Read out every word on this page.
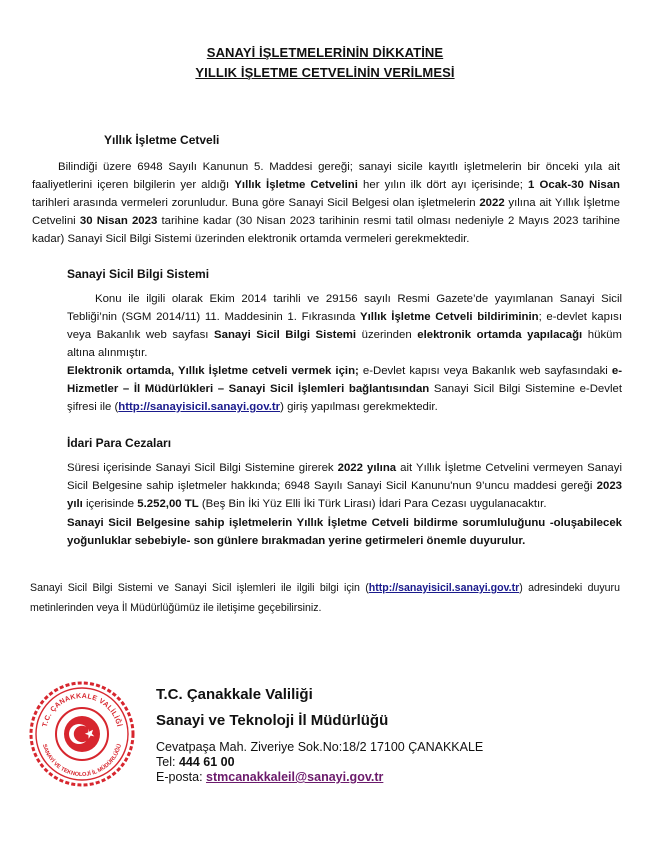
SANAYİ İŞLETMELERİNİN DİKKATİNE
YILLIK İŞLETME CETVELİNİN VERİLMESİ
Yıllık İşletme Cetveli
Bilindiği üzere 6948 Sayılı Kanunun 5. Maddesi gereği; sanayi sicile kayıtlı işletmelerin bir önceki yıla ait faaliyetlerini içeren bilgilerin yer aldığı Yıllık İşletme Cetvelini her yılın ilk dört ayı içerisinde; 1 Ocak-30 Nisan tarihleri arasında vermeleri zorunludur. Buna göre Sanayi Sicil Belgesi olan işletmelerin 2022 yılına ait Yıllık İşletme Cetvelini 30 Nisan 2023 tarihine kadar (30 Nisan 2023 tarihinin resmi tatil olması nedeniyle 2 Mayıs 2023 tarihine kadar) Sanayi Sicil Bilgi Sistemi üzerinden elektronik ortamda vermeleri gerekmektedir.
Sanayi Sicil Bilgi Sistemi
Konu ile ilgili olarak Ekim 2014 tarihli ve 29156 sayılı Resmi Gazete’de yayımlanan Sanayi Sicil Tebliği’nin (SGM 2014/11) 11. Maddesinin 1. Fıkrasında Yıllık İşletme Cetveli bildiriminin; e-devlet kapısı veya Bakanlık web sayfası Sanayi Sicil Bilgi Sistemi üzerinden elektronik ortamda yapılacağı hüküm altına alınmıştır.
Elektronik ortamda, Yıllık İşletme cetveli vermek için; e-Devlet kapısı veya Bakanlık web sayfasındaki e-Hizmetler – İl Müdürlükleri – Sanayi Sicil İşlemleri bağlantısından Sanayi Sicil Bilgi Sistemine e-Devlet şifresi ile (http://sanayisicil.sanayi.gov.tr) giriş yapılması gerekmektedir.
İdari Para Cezaları
Süresi içerisinde Sanayi Sicil Bilgi Sistemine girerek 2022 yılına ait Yıllık İşletme Cetvelini vermeyen Sanayi Sicil Belgesine sahip işletmeler hakkında; 6948 Sayılı Sanayi Sicil Kanunu'nun 9’uncu maddesi gereği 2023 yılı içerisinde 5.252,00 TL (Beş Bin İki Yüz Elli İki Türk Lirası) İdari Para Cezası uygulanacaktır.
Sanayi Sicil Belgesine sahip işletmelerin Yıllık İşletme Cetveli bildirme sorumluluğunu -oluşabilecek yoğunluklar sebebiyle- son günlere bırakmadan yerine getirmeleri önemle duyurulur.
Sanayi Sicil Bilgi Sistemi ve Sanayi Sicil işlemleri ile ilgili bilgi için (http://sanayisicil.sanayi.gov.tr) adresindeki duyuru metinlerinden veya İl Müdürlüğümüz ile iletişime geçebilirsiniz.
T.C. ÇANAKKALE VALİLİĞİ
SANAYİ VE TEKNOLOJİ İL MÜDÜRLÜĞÜ
T.C. Çanakkale Valiliği
Sanayi ve Teknoloji İl Müdürlüğü
Cevatpaşa Mah. Ziveriye Sok.No:18/2 17100 ÇANAKKALE
Tel: 444 61 00
E-posta: stmcanakkaleil@sanayi.gov.tr
